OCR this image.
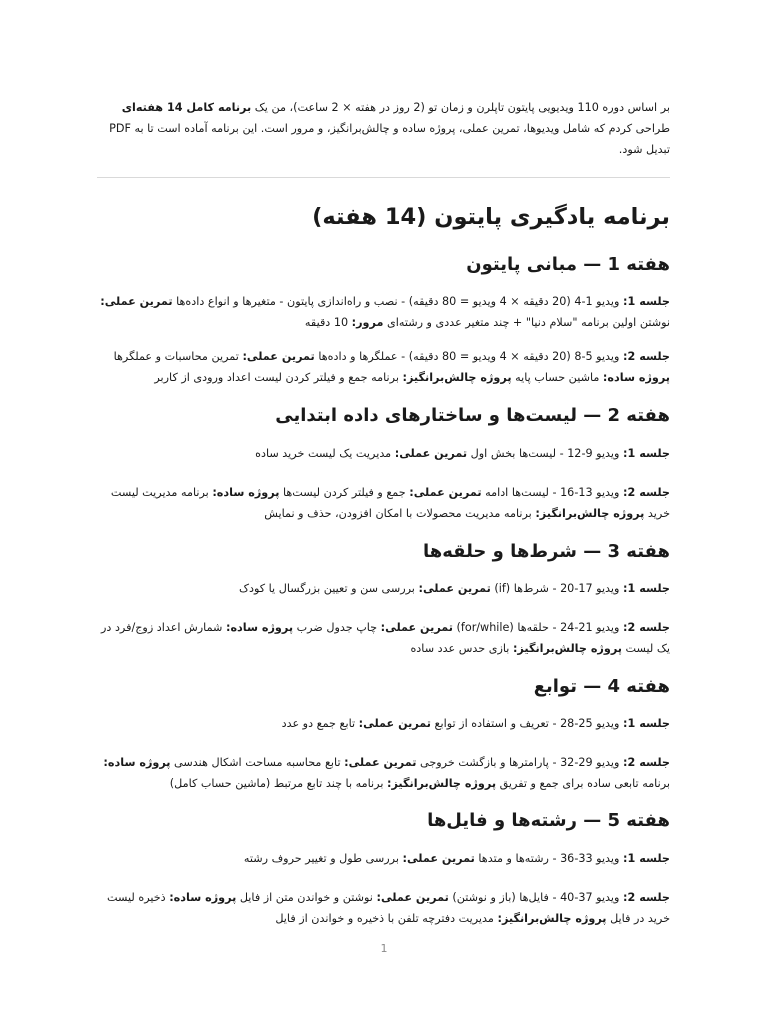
بر اساس دوره 110 ویدیویی پایتون تاپلرن و زمان تو (2 روز در هفته × 2 ساعت)، من یک برنامه کامل 14 هفته‌ای طراحی کردم که شامل ویدیوها، تمرین عملی، پروژه ساده و چالش‌برانگیز، و مرور است. این برنامه آماده است تا به PDF تبدیل شود.

برنامه یادگیری پایتون (14 هفته)
هفته 1 — مبانی پایتون

جلسه 1: ویدیو 1-4 (20 دقیقه × 4 ویدیو = 80 دقیقه) - نصب و راه‌اندازی پایتون - متغیرها و انواع داده‌ها تمرین عملی: نوشتن اولین برنامه "سلام دنیا" + چند متغیر عددی و رشته‌ای مرور: 10 دقیقه

جلسه 2: ویدیو 5-8 (20 دقیقه × 4 ویدیو = 80 دقیقه) - عملگرها و داده‌ها تمرین عملی: تمرین محاسبات و عملگرها پروژه ساده: ماشین حساب پایه پروژه چالش‌برانگیز: برنامه جمع و فیلتر کردن لیست اعداد ورودی از کاربر

هفته 2 — لیست‌ها و ساختارهای داده ابتدایی

جلسه 1: ویدیو 9-12 - لیست‌ها بخش اول تمرین عملی: مدیریت یک لیست خرید ساده

جلسه 2: ویدیو 13-16 - لیست‌ها ادامه تمرین عملی: جمع و فیلتر کردن لیست‌ها پروژه ساده: برنامه مدیریت لیست خرید پروژه چالش‌برانگیز: برنامه مدیریت محصولات با امکان افزودن، حذف و نمایش

هفته 3 — شرط‌ها و حلقه‌ها

جلسه 1: ویدیو 17-20 - شرط‌ها (if) تمرین عملی: بررسی سن و تعیین بزرگسال یا کودک

جلسه 2: ویدیو 21-24 - حلقه‌ها (for/while) تمرین عملی: چاپ جدول ضرب پروژه ساده: شمارش اعداد زوج/فرد در یک لیست پروژه چالش‌برانگیز: بازی حدس عدد ساده

هفته 4 — توابع

جلسه 1: ویدیو 25-28 - تعریف و استفاده از توابع تمرین عملی: تابع جمع دو عدد

جلسه 2: ویدیو 29-32 - پارامترها و بازگشت خروجی تمرین عملی: تابع محاسبه مساحت اشکال هندسی پروژه ساده: برنامه تابعی ساده برای جمع و تفریق پروژه چالش‌برانگیز: برنامه با چند تابع مرتبط (ماشین حساب کامل)

هفته 5 — رشته‌ها و فایل‌ها

جلسه 1: ویدیو 33-36 - رشته‌ها و متدها تمرین عملی: بررسی طول و تغییر حروف رشته

جلسه 2: ویدیو 37-40 - فایل‌ها (باز و نوشتن) تمرین عملی: نوشتن و خواندن متن از فایل پروژه ساده: ذخیره لیست خرید در فایل پروژه چالش‌برانگیز: مدیریت دفترچه تلفن با ذخیره و خواندن از فایل

1
